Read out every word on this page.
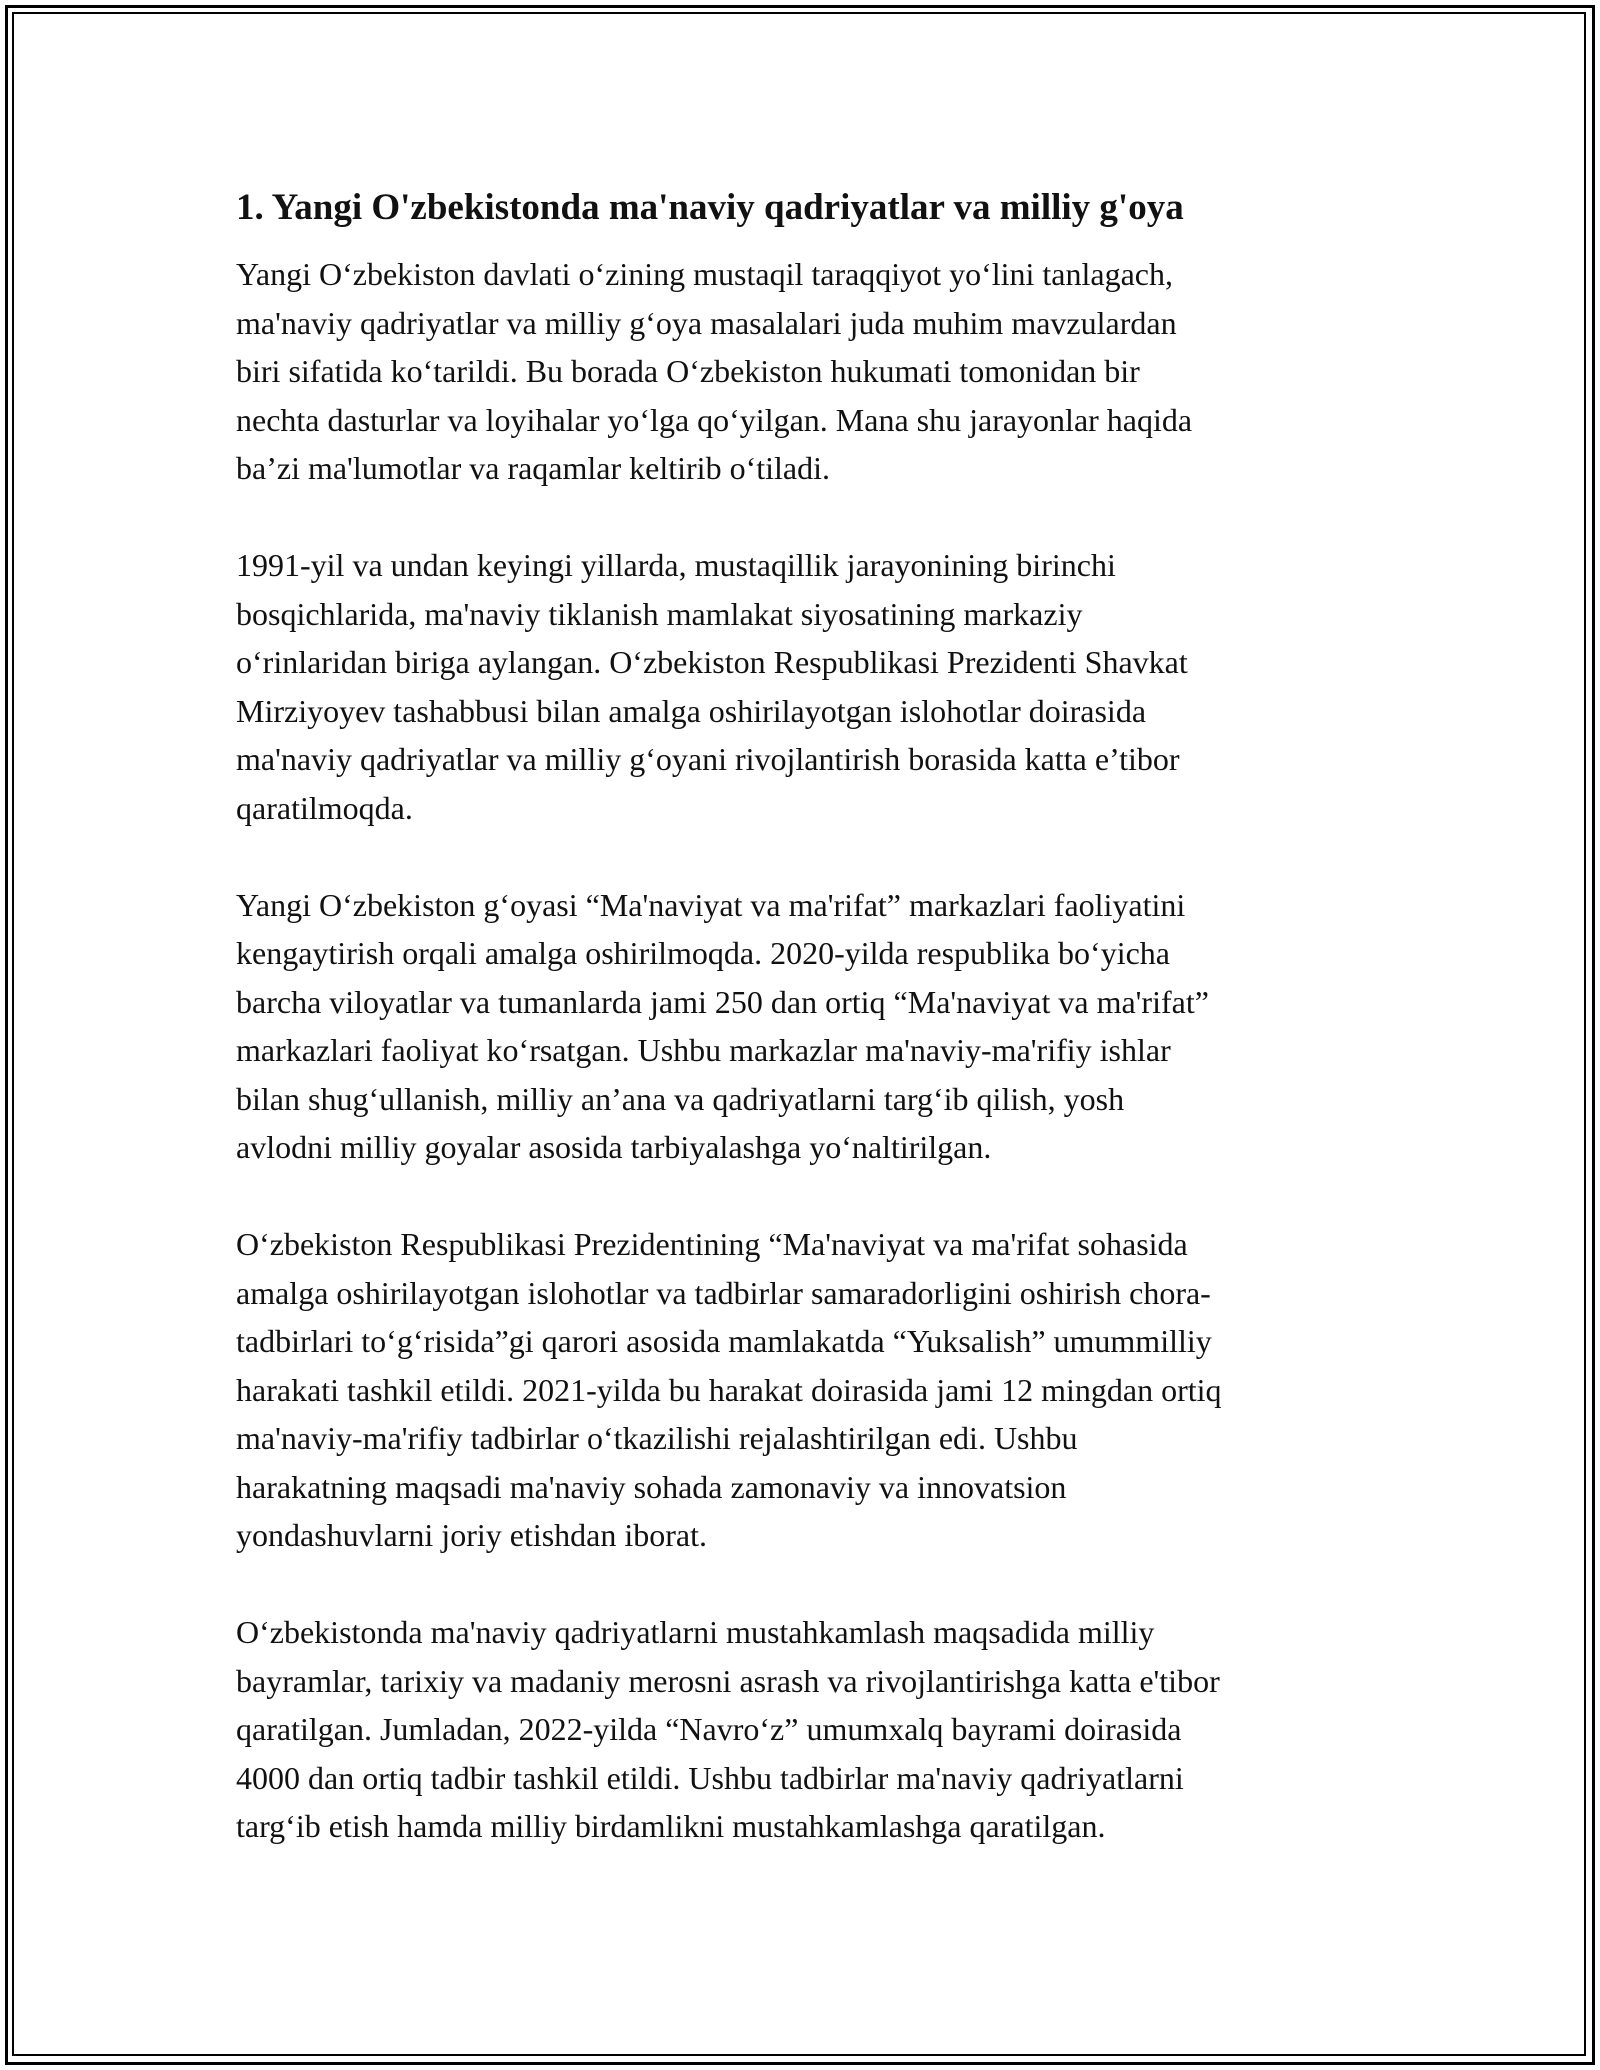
1. Yangi O'zbekistonda ma'naviy qadriyatlar va milliy g'oya

Yangi O‘zbekiston davlati o‘zining mustaqil taraqqiyot yo‘lini tanlagach,
ma'naviy qadriyatlar va milliy g‘oya masalalari juda muhim mavzulardan
biri sifatida ko‘tarildi. Bu borada O‘zbekiston hukumati tomonidan bir
nechta dasturlar va loyihalar yo‘lga qo‘yilgan. Mana shu jarayonlar haqida
ba’zi ma'lumotlar va raqamlar keltirib o‘tiladi.

1991-yil va undan keyingi yillarda, mustaqillik jarayonining birinchi
bosqichlarida, ma'naviy tiklanish mamlakat siyosatining markaziy
o‘rinlaridan biriga aylangan. O‘zbekiston Respublikasi Prezidenti Shavkat
Mirziyoyev tashabbusi bilan amalga oshirilayotgan islohotlar doirasida
ma'naviy qadriyatlar va milliy g‘oyani rivojlantirish borasida katta e’tibor
qaratilmoqda.

Yangi O‘zbekiston g‘oyasi “Ma'naviyat va ma'rifat” markazlari faoliyatini
kengaytirish orqali amalga oshirilmoqda. 2020-yilda respublika bo‘yicha
barcha viloyatlar va tumanlarda jami 250 dan ortiq “Ma'naviyat va ma'rifat”
markazlari faoliyat ko‘rsatgan. Ushbu markazlar ma'naviy-ma'rifiy ishlar
bilan shug‘ullanish, milliy an’ana va qadriyatlarni targ‘ib qilish, yosh
avlodni milliy goyalar asosida tarbiyalashga yo‘naltirilgan.

O‘zbekiston Respublikasi Prezidentining “Ma'naviyat va ma'rifat sohasida
amalga oshirilayotgan islohotlar va tadbirlar samaradorligini oshirish chora-
tadbirlari to‘g‘risida”gi qarori asosida mamlakatda “Yuksalish” umummilliy
harakati tashkil etildi. 2021-yilda bu harakat doirasida jami 12 mingdan ortiq
ma'naviy-ma'rifiy tadbirlar o‘tkazilishi rejalashtirilgan edi. Ushbu
harakatning maqsadi ma'naviy sohada zamonaviy va innovatsion
yondashuvlarni joriy etishdan iborat.

O‘zbekistonda ma'naviy qadriyatlarni mustahkamlash maqsadida milliy
bayramlar, tarixiy va madaniy merosni asrash va rivojlantirishga katta e'tibor
qaratilgan. Jumladan, 2022-yilda “Navro‘z” umumxalq bayrami doirasida
4000 dan ortiq tadbir tashkil etildi. Ushbu tadbirlar ma'naviy qadriyatlarni
targ‘ib etish hamda milliy birdamlikni mustahkamlashga qaratilgan.
